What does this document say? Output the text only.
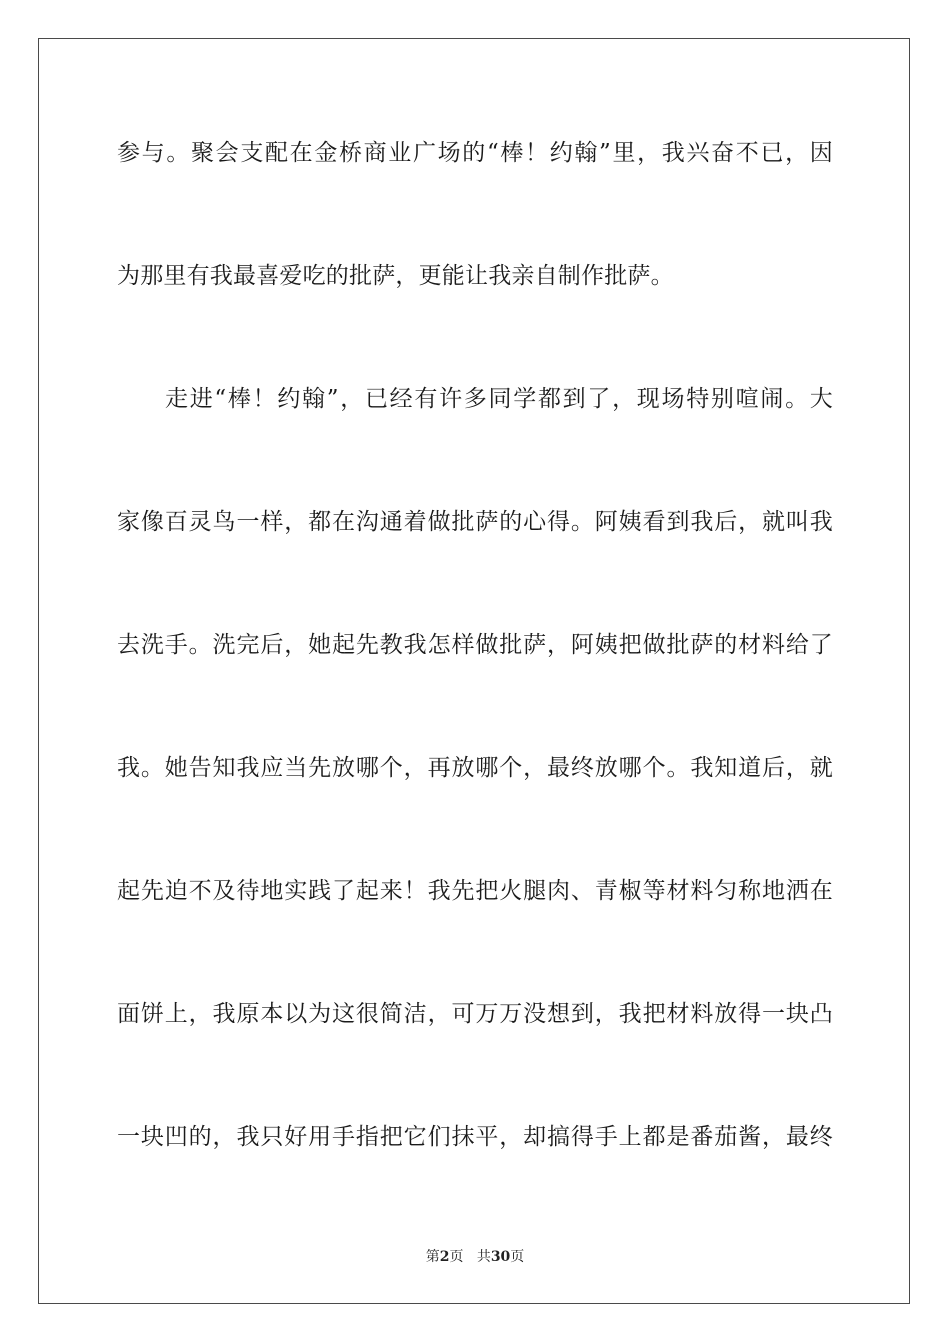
参与。聚会支配在金桥商业广场的“棒！约翰”里，我兴奋不已，因
为那里有我最喜爱吃的批萨，更能让我亲自制作批萨。
走进“棒！约翰”，已经有许多同学都到了，现场特别喧闹。大
家像百灵鸟一样，都在沟通着做批萨的心得。阿姨看到我后，就叫我
去洗手。洗完后，她起先教我怎样做批萨，阿姨把做批萨的材料给了
我。她告知我应当先放哪个，再放哪个，最终放哪个。我知道后，就
起先迫不及待地实践了起来！我先把火腿肉、青椒等材料匀称地洒在
面饼上，我原本以为这很简洁，可万万没想到，我把材料放得一块凸
一块凹的，我只好用手指把它们抹平，却搞得手上都是番茄酱，最终
第2页 共30页
